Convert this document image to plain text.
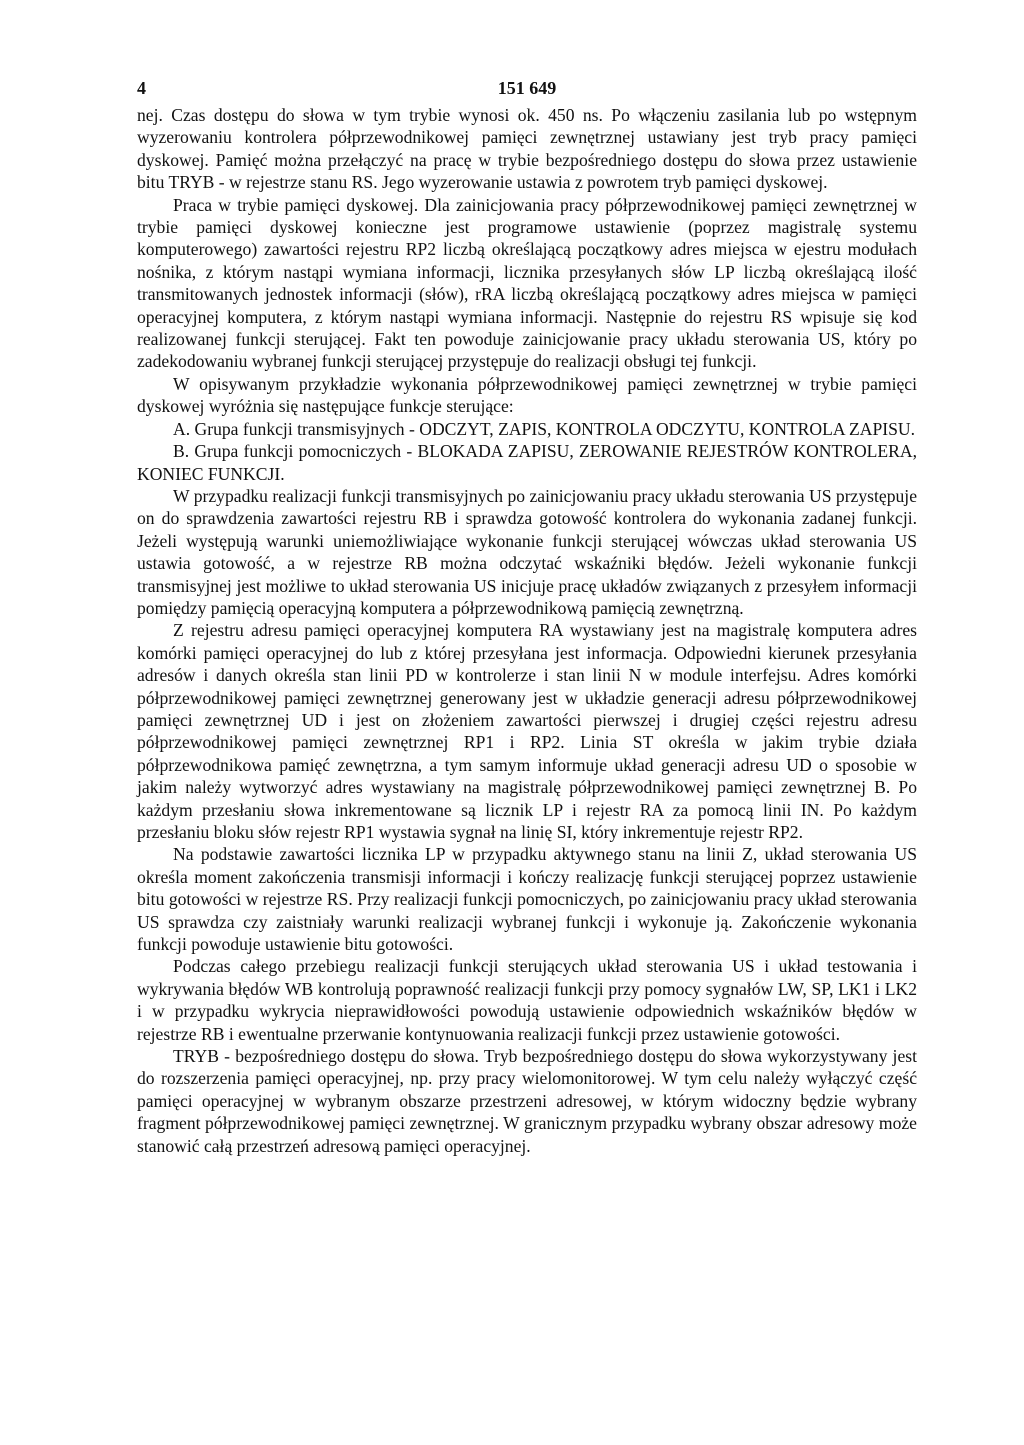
4	151 649

nej. Czas dostępu do słowa w tym trybie wynosi ok. 450 ns. Po włączeniu zasilania lub po wstępnym wyzerowaniu kontrolera półprzewodnikowej pamięci zewnętrznej ustawiany jest tryb pracy pamięci dyskowej. Pamięć można przełączyć na pracę w trybie bezpośredniego dostępu do słowa przez ustawienie bitu TRYB - w rejestrze stanu RS. Jego wyzerowanie ustawia z powrotem tryb pamięci dyskowej.

Praca w trybie pamięci dyskowej. Dla zainicjowania pracy półprzewodnikowej pamięci zewnętrznej w trybie pamięci dyskowej konieczne jest programowe ustawienie (poprzez magistralę systemu komputerowego) zawartości rejestru RP2 liczbą określającą początkowy adres miejsca w ejestru modułach nośnika, z którym nastąpi wymiana informacji, licznika przesyłanych słów LP liczbą określającą ilość transmitowanych jednostek informacji (słów), rRA liczbą określającą początkowy adres miejsca w pamięci operacyjnej komputera, z którym nastąpi wymiana informacji. Następnie do rejestru RS wpisuje się kod realizowanej funkcji sterującej. Fakt ten powoduje zainicjowanie pracy układu sterowania US, który po zadekodowaniu wybranej funkcji sterującej przystępuje do realizacji obsługi tej funkcji.

W opisywanym przykładzie wykonania półprzewodnikowej pamięci zewnętrznej w trybie pamięci dyskowej wyróżnia się następujące funkcje sterujące:

A. Grupa funkcji transmisyjnych - ODCZYT, ZAPIS, KONTROLA ODCZYTU, KONTROLA ZAPISU.

B. Grupa funkcji pomocniczych - BLOKADA ZAPISU, ZEROWANIE REJESTRÓW KONTROLERA, KONIEC FUNKCJI.

W przypadku realizacji funkcji transmisyjnych po zainicjowaniu pracy układu sterowania US przystępuje on do sprawdzenia zawartości rejestru RB i sprawdza gotowość kontrolera do wykonania zadanej funkcji. Jeżeli występują warunki uniemożliwiające wykonanie funkcji sterującej wówczas układ sterowania US ustawia gotowość, a w rejestrze RB można odczytać wskaźniki błędów. Jeżeli wykonanie funkcji transmisyjnej jest możliwe to układ sterowania US inicjuje pracę układów związanych z przesyłem informacji pomiędzy pamięcią operacyjną komputera a półprzewodnikową pamięcią zewnętrzną.

Z rejestru adresu pamięci operacyjnej komputera RA wystawiany jest na magistralę komputera adres komórki pamięci operacyjnej do lub z której przesyłana jest informacja. Odpowiedni kierunek przesyłania adresów i danych określa stan linii PD w kontrolerze i stan linii N w module interfejsu. Adres komórki półprzewodnikowej pamięci zewnętrznej generowany jest w układzie generacji adresu półprzewodnikowej pamięci zewnętrznej UD i jest on złożeniem zawartości pierwszej i drugiej części rejestru adresu półprzewodnikowej pamięci zewnętrznej RP1 i RP2. Linia ST określa w jakim trybie działa półprzewodnikowa pamięć zewnętrzna, a tym samym informuje układ generacji adresu UD o sposobie w jakim należy wytworzyć adres wystawiany na magistralę półprzewodnikowej pamięci zewnętrznej B. Po każdym przesłaniu słowa inkrementowane są licznik LP i rejestr RA za pomocą linii IN. Po każdym przesłaniu bloku słów rejestr RP1 wystawia sygnał na linię SI, który inkrementuje rejestr RP2.

Na podstawie zawartości licznika LP w przypadku aktywnego stanu na linii Z, układ sterowania US określa moment zakończenia transmisji informacji i kończy realizację funkcji sterującej poprzez ustawienie bitu gotowości w rejestrze RS. Przy realizacji funkcji pomocniczych, po zainicjowaniu pracy układ sterowania US sprawdza czy zaistniały warunki realizacji wybranej funkcji i wykonuje ją. Zakończenie wykonania funkcji powoduje ustawienie bitu gotowości.

Podczas całego przebiegu realizacji funkcji sterujących układ sterowania US i układ testowania i wykrywania błędów WB kontrolują poprawność realizacji funkcji przy pomocy sygnałów LW, SP, LK1 i LK2 i w przypadku wykrycia nieprawidłowości powodują ustawienie odpowiednich wskaźników błędów w rejestrze RB i ewentualne przerwanie kontynuowania realizacji funkcji przez ustawienie gotowości.

TRYB - bezpośredniego dostępu do słowa. Tryb bezpośredniego dostępu do słowa wykorzystywany jest do rozszerzenia pamięci operacyjnej, np. przy pracy wielomonitorowej. W tym celu należy wyłączyć część pamięci operacyjnej w wybranym obszarze przestrzeni adresowej, w którym widoczny będzie wybrany fragment półprzewodnikowej pamięci zewnętrznej. W granicznym przypadku wybrany obszar adresowy może stanowić całą przestrzeń adresową pamięci operacyjnej.
